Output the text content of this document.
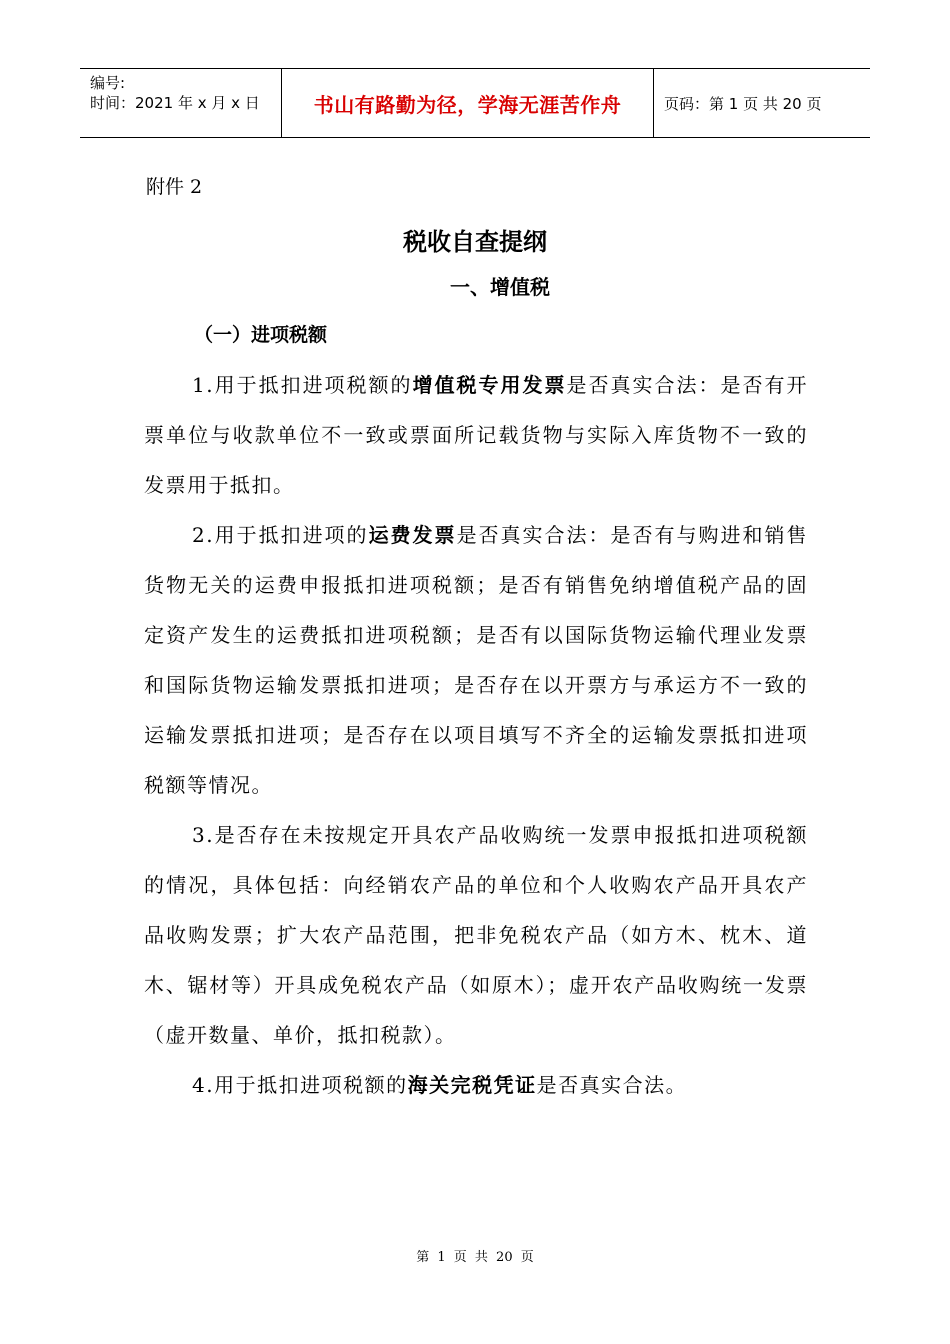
编号:
时间：2021 年 x 月 x 日	书山有路勤为径，学海无涯苦作舟	页码：第 1 页 共 20 页
附件 2
税收自查提纲
一、增值税
（一）进项税额

1.用于抵扣进项税额的增值税专用发票是否真实合法：是否有开票单位与收款单位不一致或票面所记载货物与实际入库货物不一致的发票用于抵扣。

2.用于抵扣进项的运费发票是否真实合法：是否有与购进和销售货物无关的运费申报抵扣进项税额；是否有销售免纳增值税产品的固定资产发生的运费抵扣进项税额；是否有以国际货物运输代理业发票和国际货物运输发票抵扣进项；是否存在以开票方与承运方不一致的运输发票抵扣进项；是否存在以项目填写不齐全的运输发票抵扣进项税额等情况。

3.是否存在未按规定开具农产品收购统一发票申报抵扣进项税额的情况，具体包括：向经销农产品的单位和个人收购农产品开具农产品收购发票；扩大农产品范围，把非免税农产品（如方木、枕木、道木、锯材等）开具成免税农产品（如原木）；虚开农产品收购统一发票（虚开数量、单价，抵扣税款）。

4.用于抵扣进项税额的海关完税凭证是否真实合法。

第 1 页 共 20 页
